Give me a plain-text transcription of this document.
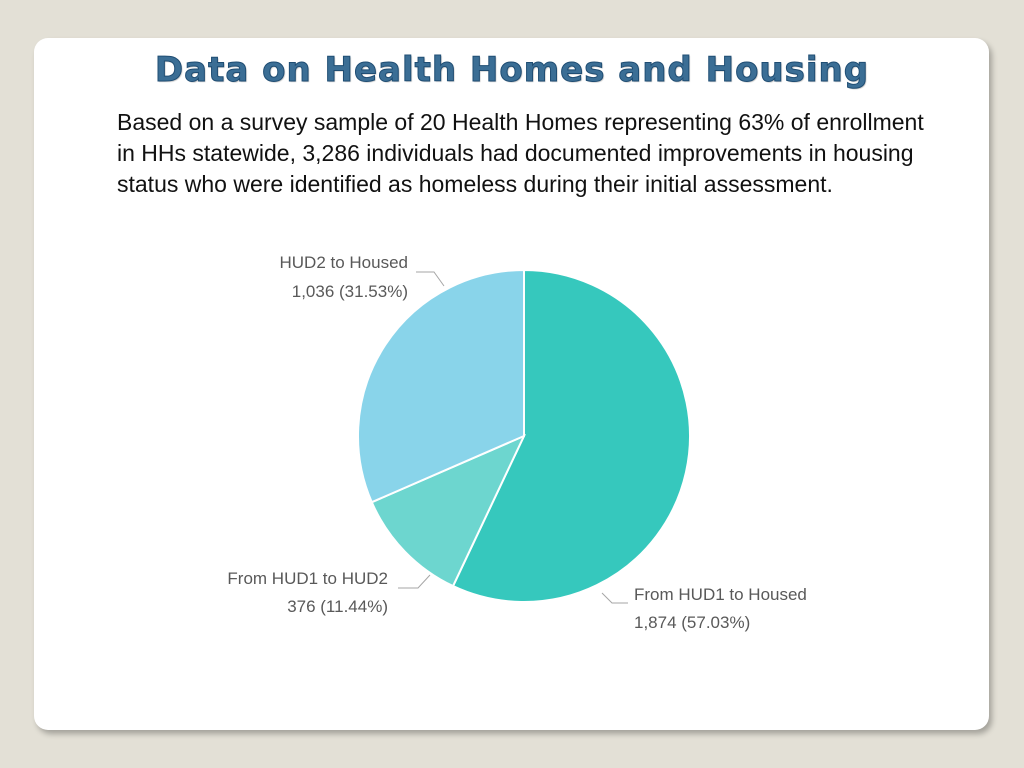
Data on Health Homes and Housing

Based on a survey sample of 20 Health Homes representing 63% of enrollment in HHs statewide, 3,286 individuals had documented improvements in housing status who were identified as homeless during their initial assessment.

From HUD1 to Housed
1,874 (57.03%)
From HUD1 to HUD2
376 (11.44%)
HUD2 to Housed
1,036 (31.53%)
